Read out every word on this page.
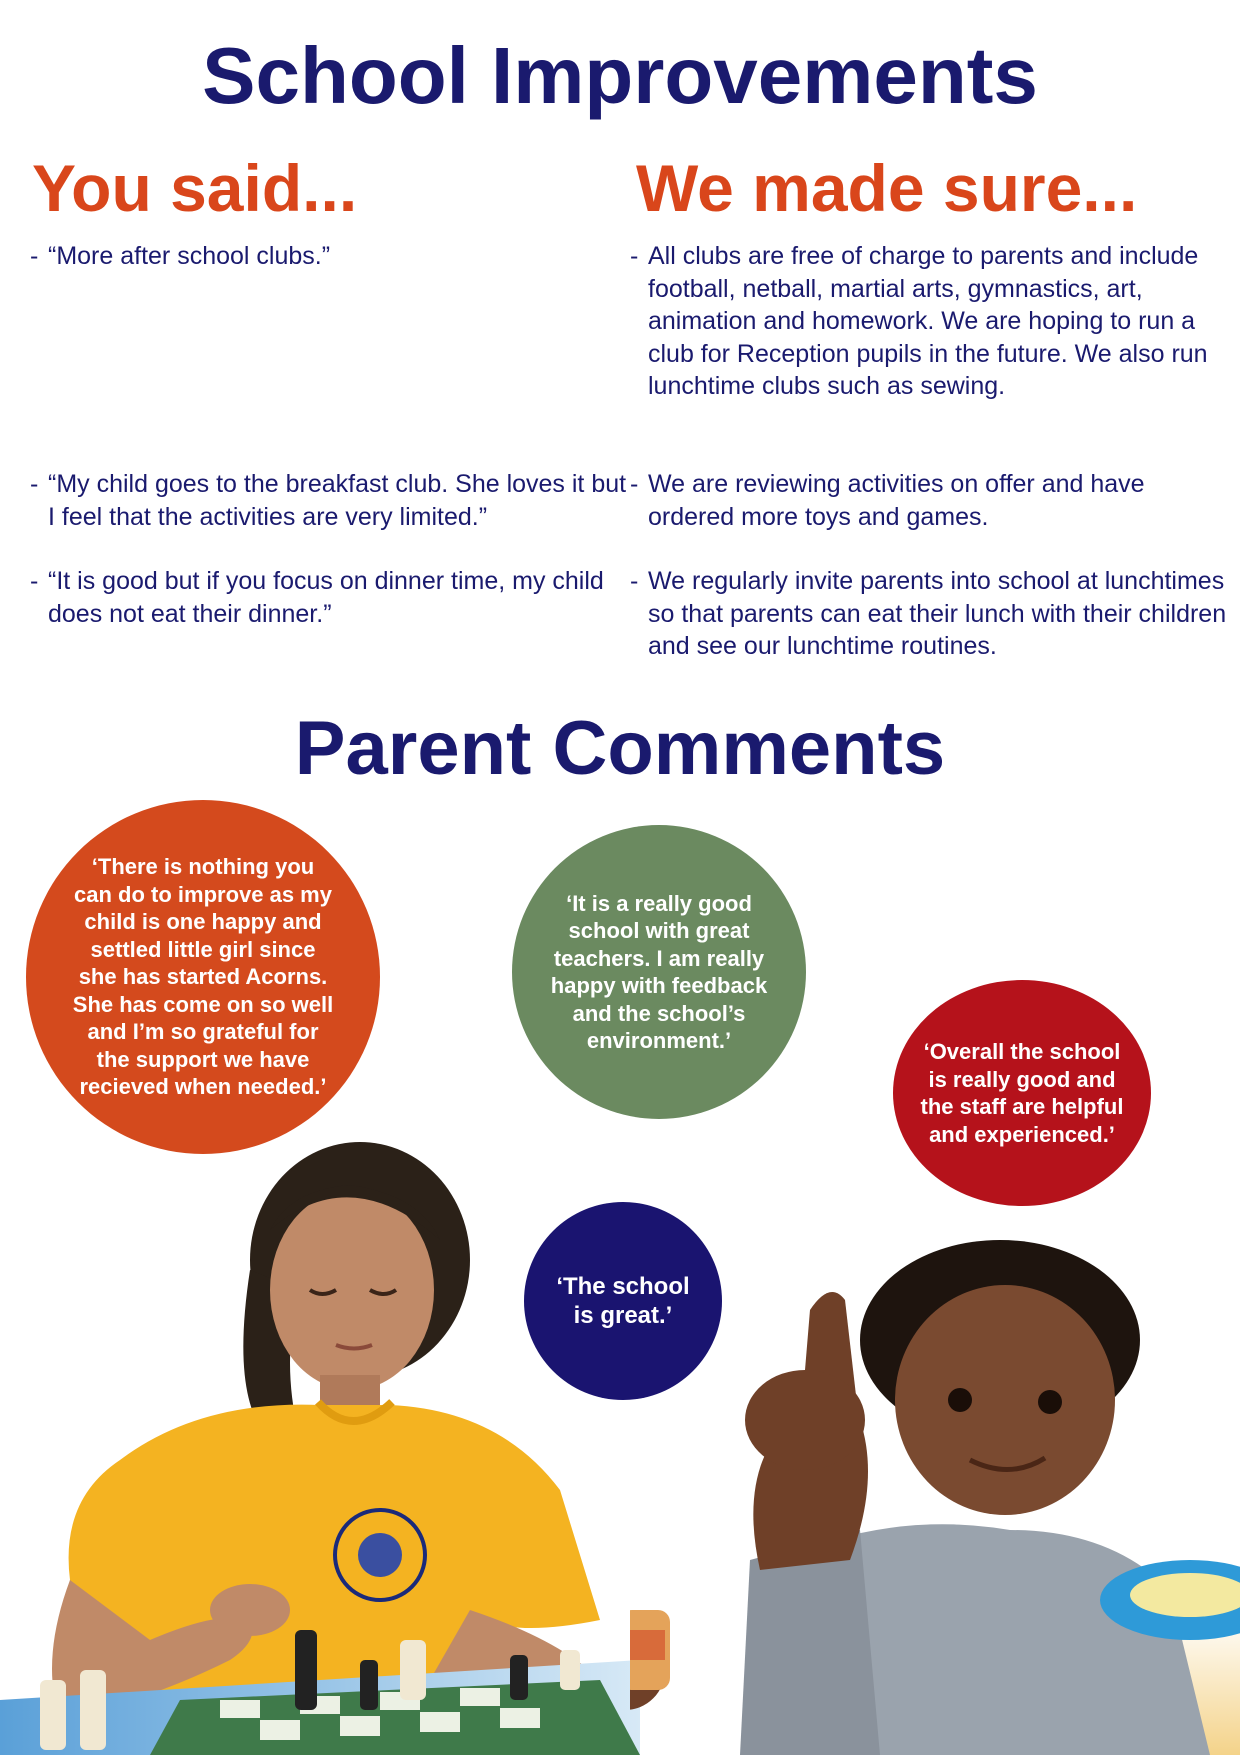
School Improvements
You said...	We made sure...

- “More after school clubs.”

- “My child goes to the breakfast club. She loves it but I feel that the activities are very limited.”

- “It is good but if you focus on dinner time, my child does not eat their dinner.”

- All clubs are free of charge to parents and include football, netball, martial arts, gymnastics, art, animation and homework. We are hoping to run a club for Reception pupils in the future. We also run lunchtime clubs such as sewing.

- We are reviewing activities on offer and have ordered more toys and games.

- We regularly invite parents into school at lunchtimes so that parents can eat their lunch with their children and see our lunchtime routines.

Parent Comments
‘There is nothing you can do to improve as my child is one happy and settled little girl since she has started Acorns. She has come on so well and I’m so grateful for the support we have recieved when needed.’
‘It is a really good school with great teachers. I am really happy with feedback and the school’s environment.’	‘Overall the school is really good and the staff are helpful and experienced.’
‘The school is great.’
